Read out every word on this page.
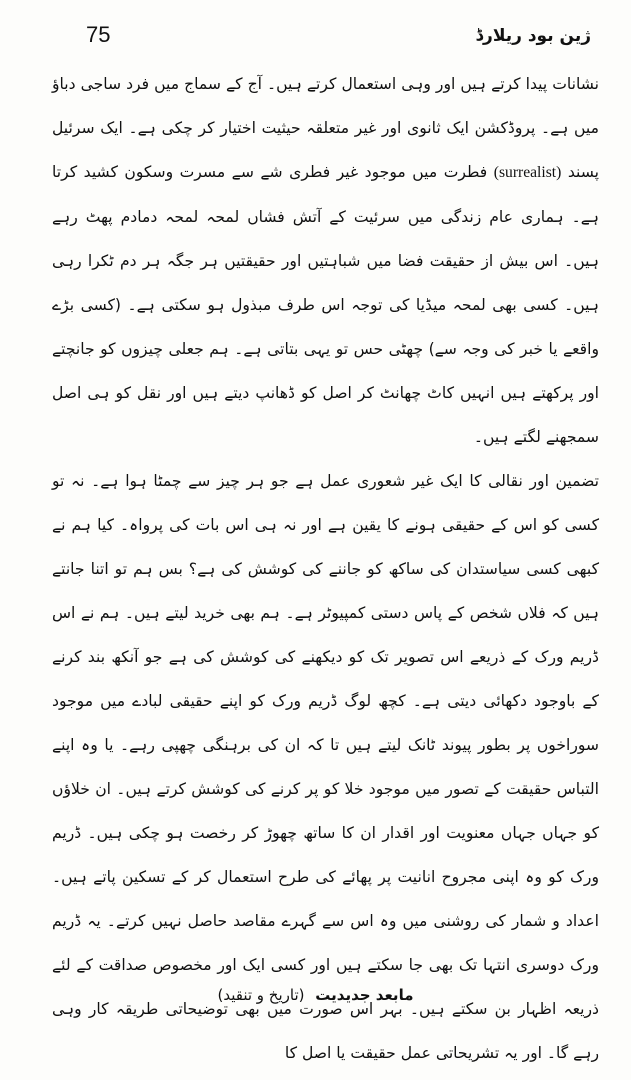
75	ژین بود ریلارڈ

نشانات پیدا کرتے ہیں اور وہی استعمال کرتے ہیں۔ آج کے سماج میں فرد ساجی دباؤ میں ہے۔ پروڈکشن ایک ثانوی اور غیر متعلقہ حیثیت اختیار کر چکی ہے۔ ایک سرئیل پسند (surrealist) فطرت میں موجود غیر فطری شے سے مسرت وسکون کشید کرتا ہے۔ ہماری عام زندگی میں سرئیت کے آتش فشاں لمحہ لمحہ دمادم پھٹ رہے ہیں۔ اس بیش از حقیقت فضا میں شباہتیں اور حقیقتیں ہر جگہ ہر دم ٹکرا رہی ہیں۔ کسی بھی لمحہ میڈیا کی توجہ اس طرف مبذول ہو سکتی ہے۔ (کسی بڑے واقعے یا خبر کی وجہ سے) چھٹی حس تو یہی بتاتی ہے۔ ہم جعلی چیزوں کو جانچتے اور پرکھتے ہیں انہیں کاٹ چھانٹ کر اصل کو ڈھانپ دیتے ہیں اور نقل کو ہی اصل سمجھنے لگتے ہیں۔

تضمین اور نقالی کا ایک غیر شعوری عمل ہے جو ہر چیز سے چمٹا ہوا ہے۔ نہ تو کسی کو اس کے حقیقی ہونے کا یقین ہے اور نہ ہی اس بات کی پرواہ۔ کیا ہم نے کبھی کسی سیاستدان کی ساکھ کو جاننے کی کوشش کی ہے؟ بس ہم تو اتنا جانتے ہیں کہ فلاں شخص کے پاس دستی کمپیوٹر ہے۔ ہم بھی خرید لیتے ہیں۔ ہم نے اس ڈریم ورک کے ذریعے اس تصویر تک کو دیکھنے کی کوشش کی ہے جو آنکھ بند کرنے کے باوجود دکھائی دیتی ہے۔ کچھ لوگ ڈریم ورک کو اپنے حقیقی لبادے میں موجود سوراخوں پر بطور پیوند ٹانک لیتے ہیں تا کہ ان کی برہنگی چھپی رہے۔ یا وہ اپنے التباس حقیقت کے تصور میں موجود خلا کو پر کرنے کی کوشش کرتے ہیں۔ ان خلاؤں کو جہاں جہاں معنویت اور اقدار ان کا ساتھ چھوڑ کر رخصت ہو چکی ہیں۔ ڈریم ورک کو وہ اپنی مجروح انانیت پر پھائے کی طرح استعمال کر کے تسکین پاتے ہیں۔ اعداد و شمار کی روشنی میں وہ اس سے گہرے مقاصد حاصل نہیں کرتے۔ یہ ڈریم ورک دوسری انتہا تک بھی جا سکتے ہیں اور کسی ایک اور مخصوص صداقت کے لئے ذریعہ اظہار بن سکتے ہیں۔ بہر اس صورت میں بھی توضیحاتی طریقہ کار وہی رہے گا۔ اور یہ تشریحاتی عمل حقیقت یا اصل کا

مابعد جدیدیت (تاریخ و تنقید)
